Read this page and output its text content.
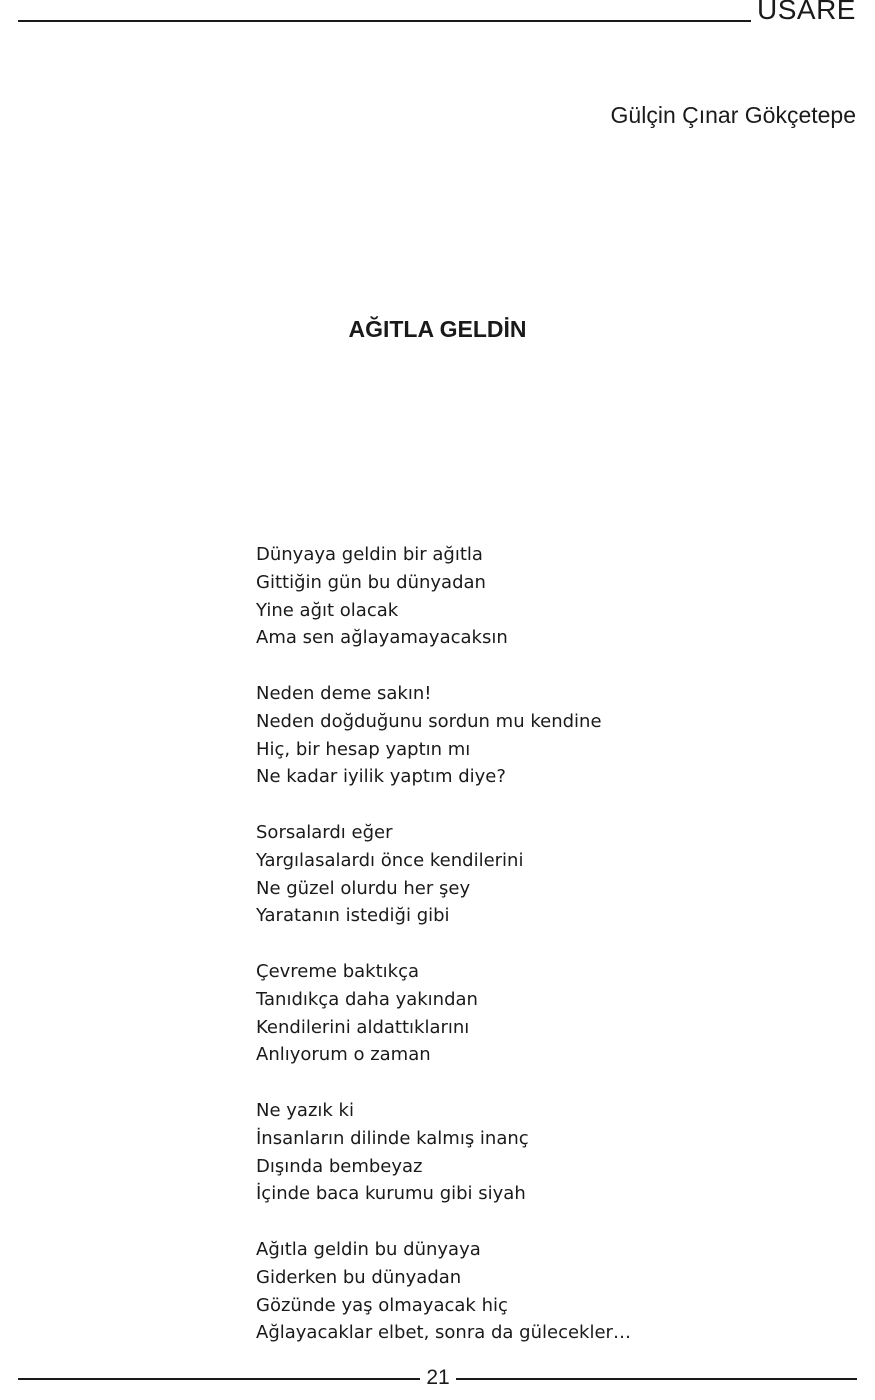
USARE
Gülçin Çınar Gökçetepe
AĞITLA GELDİN
Dünyaya geldin bir ağıtla
Gittiğin gün bu dünyadan
Yine ağıt olacak
Ama sen ağlayamayacaksın
Neden deme sakın!
Neden doğduğunu sordun mu kendine
Hiç, bir hesap yaptın mı
Ne kadar iyilik yaptım diye?
Sorsalardı eğer
Yargılasalardı önce kendilerini
Ne güzel olurdu her şey
Yaratanın istediği gibi
Çevreme baktıkça
Tanıdıkça daha yakından
Kendilerini aldattıklarını
Anlıyorum o zaman
Ne yazık ki
İnsanların dilinde kalmış inanç
Dışında bembeyaz
İçinde baca kurumu gibi siyah
Ağıtla geldin bu dünyaya
Giderken bu dünyadan
Gözünde yaş olmayacak hiç
Ağlayacaklar elbet, sonra da gülecekler…
21
